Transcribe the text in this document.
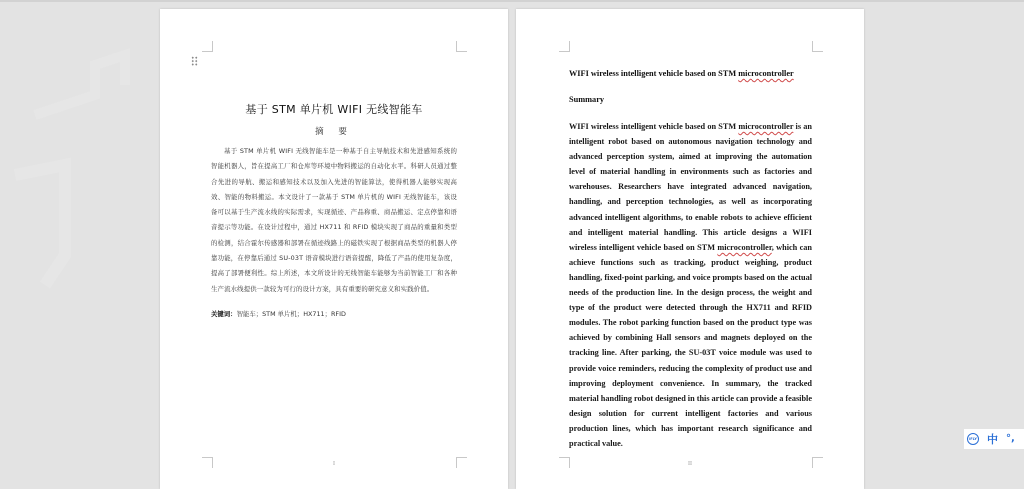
基于 STM 单片机 WIFI 无线智能车
摘 要
基于 STM 单片机 WIFI 无线智能车是一种基于自主导航技术和先进感知系统的智能机器人，旨在提高工厂和仓库等环境中物料搬运的自动化水平。科研人员通过整合先进的导航、搬运和感知技术以及加入先进的智能算法，使得机器人能够实现高效、智能的物料搬运。本文设计了一款基于 STM 单片机的 WIFI 无线智能车，该设备可以基于生产流水线的实际需求，实现循迹、产品称重、商品搬运、定点停靠和语音提示等功能。在设计过程中，通过 HX711 和 RFID 模块实现了商品的重量和类型的检测，结合霍尔传感器和部署在循迹线路上的磁铁实现了根据商品类型的机器人停靠功能，在停靠后通过 SU-03T 语音模块进行语音提醒，降低了产品的使用复杂度，提高了部署便利性。综上所述，本文所设计的无线智能车能够为当前智能工厂和各种生产流水线提供一款较为可行的设计方案，具有重要的研究意义和实践价值。
关键词：智能车；STM 单片机；HX711；RFID
I
WIFI wireless intelligent vehicle based on STM microcontroller
Summary
WIFI wireless intelligent vehicle based on STM microcontroller is an intelligent robot based on autonomous navigation technology and advanced perception system, aimed at improving the automation level of material handling in environments such as factories and warehouses. Researchers have integrated advanced navigation, handling, and perception technologies, as well as incorporating advanced intelligent algorithms, to enable robots to achieve efficient and intelligent material handling. This article designs a WIFI wireless intelligent vehicle based on STM microcontroller, which can achieve functions such as tracking, product weighing, product handling, fixed-point parking, and voice prompts based on the actual needs of the production line. In the design process, the weight and type of the product were detected through the HX711 and RFID modules. The robot parking function based on the product type was achieved by combining Hall sensors and magnets deployed on the tracking line. After parking, the SU-03T voice module was used to provide voice reminders, reducing the complexity of product use and improving deployment convenience. In summary, the tracked material handling robot designed in this article can provide a feasible design solution for current intelligent factories and various production lines, which has important research significance and practical value.
II
iFLY 中 °,
